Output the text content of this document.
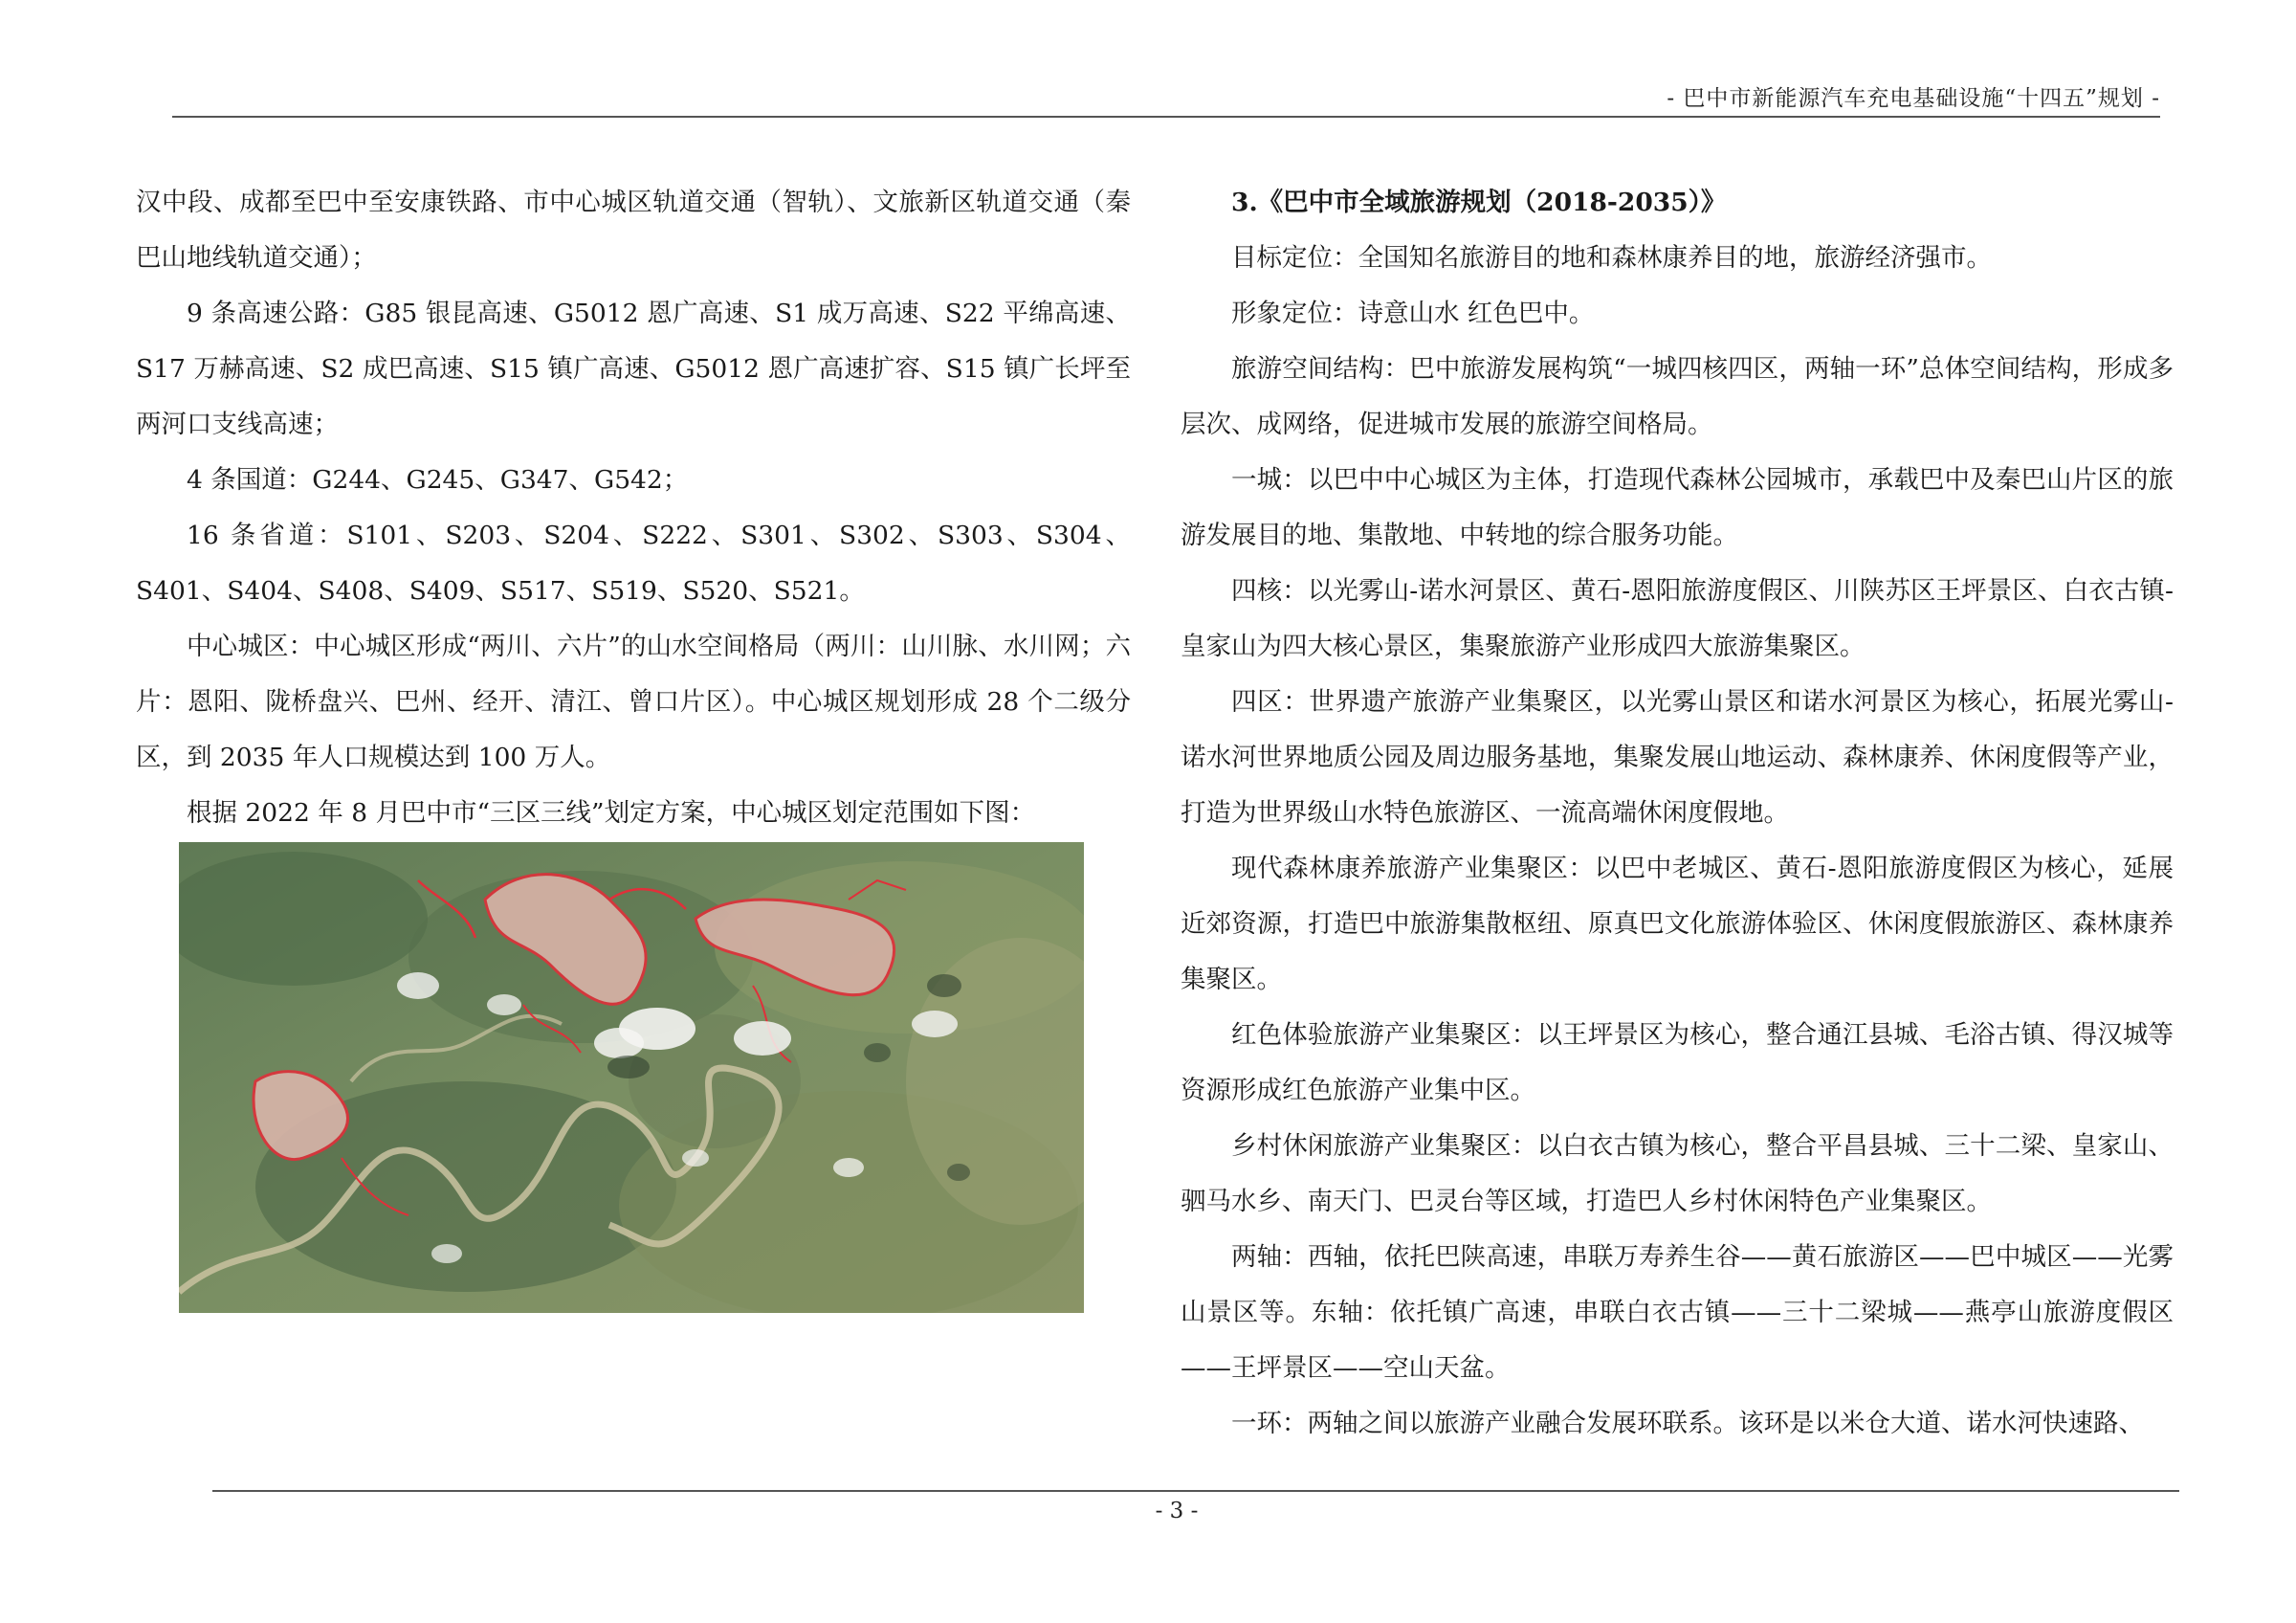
- 巴中市新能源汽车充电基础设施“十四五”规划 -

汉中段、成都至巴中至安康铁路、市中心城区轨道交通（智轨）、文旅新区轨道交通（秦巴山地线轨道交通）；

9 条高速公路：G85 银昆高速、G5012 恩广高速、S1 成万高速、S22 平绵高速、S17 万赫高速、S2 成巴高速、S15 镇广高速、G5012 恩广高速扩容、S15 镇广长坪至两河口支线高速；

4 条国道：G244、G245、G347、G542；

16 条省道：S101、S203、S204、S222、S301、S302、S303、S304、S401、S404、S408、S409、S517、S519、S520、S521。

中心城区：中心城区形成“两川、六片”的山水空间格局（两川：山川脉、水川网；六片：恩阳、陇桥盘兴、巴州、经开、清江、曾口片区）。中心城区规划形成 28 个二级分区，到 2035 年人口规模达到 100 万人。

根据 2022 年 8 月巴中市“三区三线”划定方案，中心城区划定范围如下图：

3.《巴中市全域旅游规划（2018-2035）》

目标定位：全国知名旅游目的地和森林康养目的地，旅游经济强市。

形象定位：诗意山水 红色巴中。

旅游空间结构：巴中旅游发展构筑“一城四核四区，两轴一环”总体空间结构，形成多层次、成网络，促进城市发展的旅游空间格局。

一城：以巴中中心城区为主体，打造现代森林公园城市，承载巴中及秦巴山片区的旅游发展目的地、集散地、中转地的综合服务功能。

四核：以光雾山-诺水河景区、黄石-恩阳旅游度假区、川陕苏区王坪景区、白衣古镇-皇家山为四大核心景区，集聚旅游产业形成四大旅游集聚区。

四区：世界遗产旅游产业集聚区，以光雾山景区和诺水河景区为核心，拓展光雾山-诺水河世界地质公园及周边服务基地，集聚发展山地运动、森林康养、休闲度假等产业，打造为世界级山水特色旅游区、一流高端休闲度假地。

现代森林康养旅游产业集聚区：以巴中老城区、黄石-恩阳旅游度假区为核心，延展近郊资源，打造巴中旅游集散枢纽、原真巴文化旅游体验区、休闲度假旅游区、森林康养集聚区。

红色体验旅游产业集聚区：以王坪景区为核心，整合通江县城、毛浴古镇、得汉城等资源形成红色旅游产业集中区。

乡村休闲旅游产业集聚区：以白衣古镇为核心，整合平昌县城、三十二梁、皇家山、驷马水乡、南天门、巴灵台等区域，打造巴人乡村休闲特色产业集聚区。

两轴：西轴，依托巴陕高速，串联万寿养生谷——黄石旅游区——巴中城区——光雾山景区等。东轴：依托镇广高速，串联白衣古镇——三十二梁城——燕亭山旅游度假区——王坪景区——空山天盆。

一环：两轴之间以旅游产业融合发展环联系。该环是以米仓大道、诺水河快速路、

- 3 -
